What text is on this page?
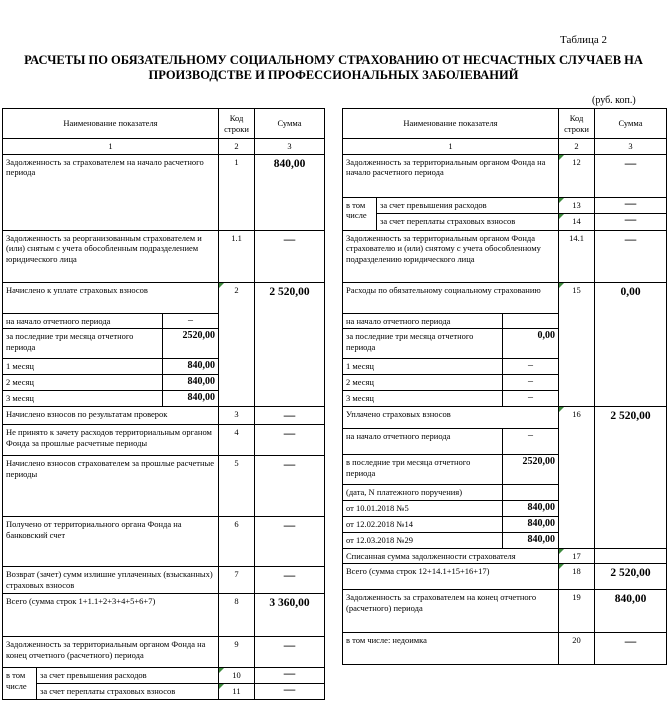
Таблица 2
РАСЧЕТЫ ПО ОБЯЗАТЕЛЬНОМУ СОЦИАЛЬНОМУ СТРАХОВАНИЮ ОТ НЕСЧАСТНЫХ СЛУЧАЕВ НА
ПРОИЗВОДСТВЕ И ПРОФЕССИОНАЛЬНЫХ ЗАБОЛЕВАНИЙ
(руб. коп.)
Наименование показателя			Код строки	Сумма
1			2	3
Задолженность за страхователем на начало расчетного периода			1	840,00
Задолженность за реорганизованным страхователем и (или) снятым с учета обособленным подразделением юридического лица			1.1	—
Начислено к уплате страховых взносов			2	2 520,00
на начало отчетного периода		–		
за последние три месяца отчетного периода		2520,00		
1 месяц		840,00		
2 месяц		840,00		
3 месяц		840,00		
Начислено взносов по результатам проверок			3	—
Не принято к зачету расходов территориальным органом Фонда за прошлые расчетные периоды			4	—
Начислено взносов страхователем за прошлые расчетные периоды			5	—
Получено от территориального органа Фонда на банковский счет			6	—
Возврат (зачет) сумм излишне уплаченных (взысканных) страховых взносов			7	—
Всего (сумма строк 1+1.1+2+3+4+5+6+7)			8	3 360,00
Задолженность за территориальным органом Фонда на конец отчетного (расчетного) периода			9	—
в том числе	за счет превышения расходов		10	—
	за счет переплаты страховых взносов		11	—
Наименование показателя			Код строки	Сумма
1			2	3
Задолженность за территориальным органом Фонда на начало расчетного периода			12	—
в том числе	за счет превышения расходов		13	—
	за счет переплаты страховых взносов		14	—
Задолженность за территориальным органом Фонда страхователю и (или) снятому с учета обособленному подразделению юридического лица			14.1	—
Расходы по обязательному социальному страхованию			15	0,00
на начало отчетного периода				
за последние три месяца отчетного периода		0,00		
1 месяц		–		
2 месяц		–		
3 месяц		–		
Уплачено страховых взносов			16	2 520,00
на начало отчетного периода		–		
в последние три месяца отчетного периода		2520,00		
(дата, N платежного поручения)				
от 10.01.2018 №5		840,00		
от 12.02.2018 №14		840,00		
от 12.03.2018 №29		840,00		
Списанная сумма задолженности страхователя			17	
Всего (сумма строк 12+14.1+15+16+17)			18	2 520,00
Задолженность за страхователем на конец отчетного (расчетного) периода			19	840,00
в том числе: недоимка			20	—
